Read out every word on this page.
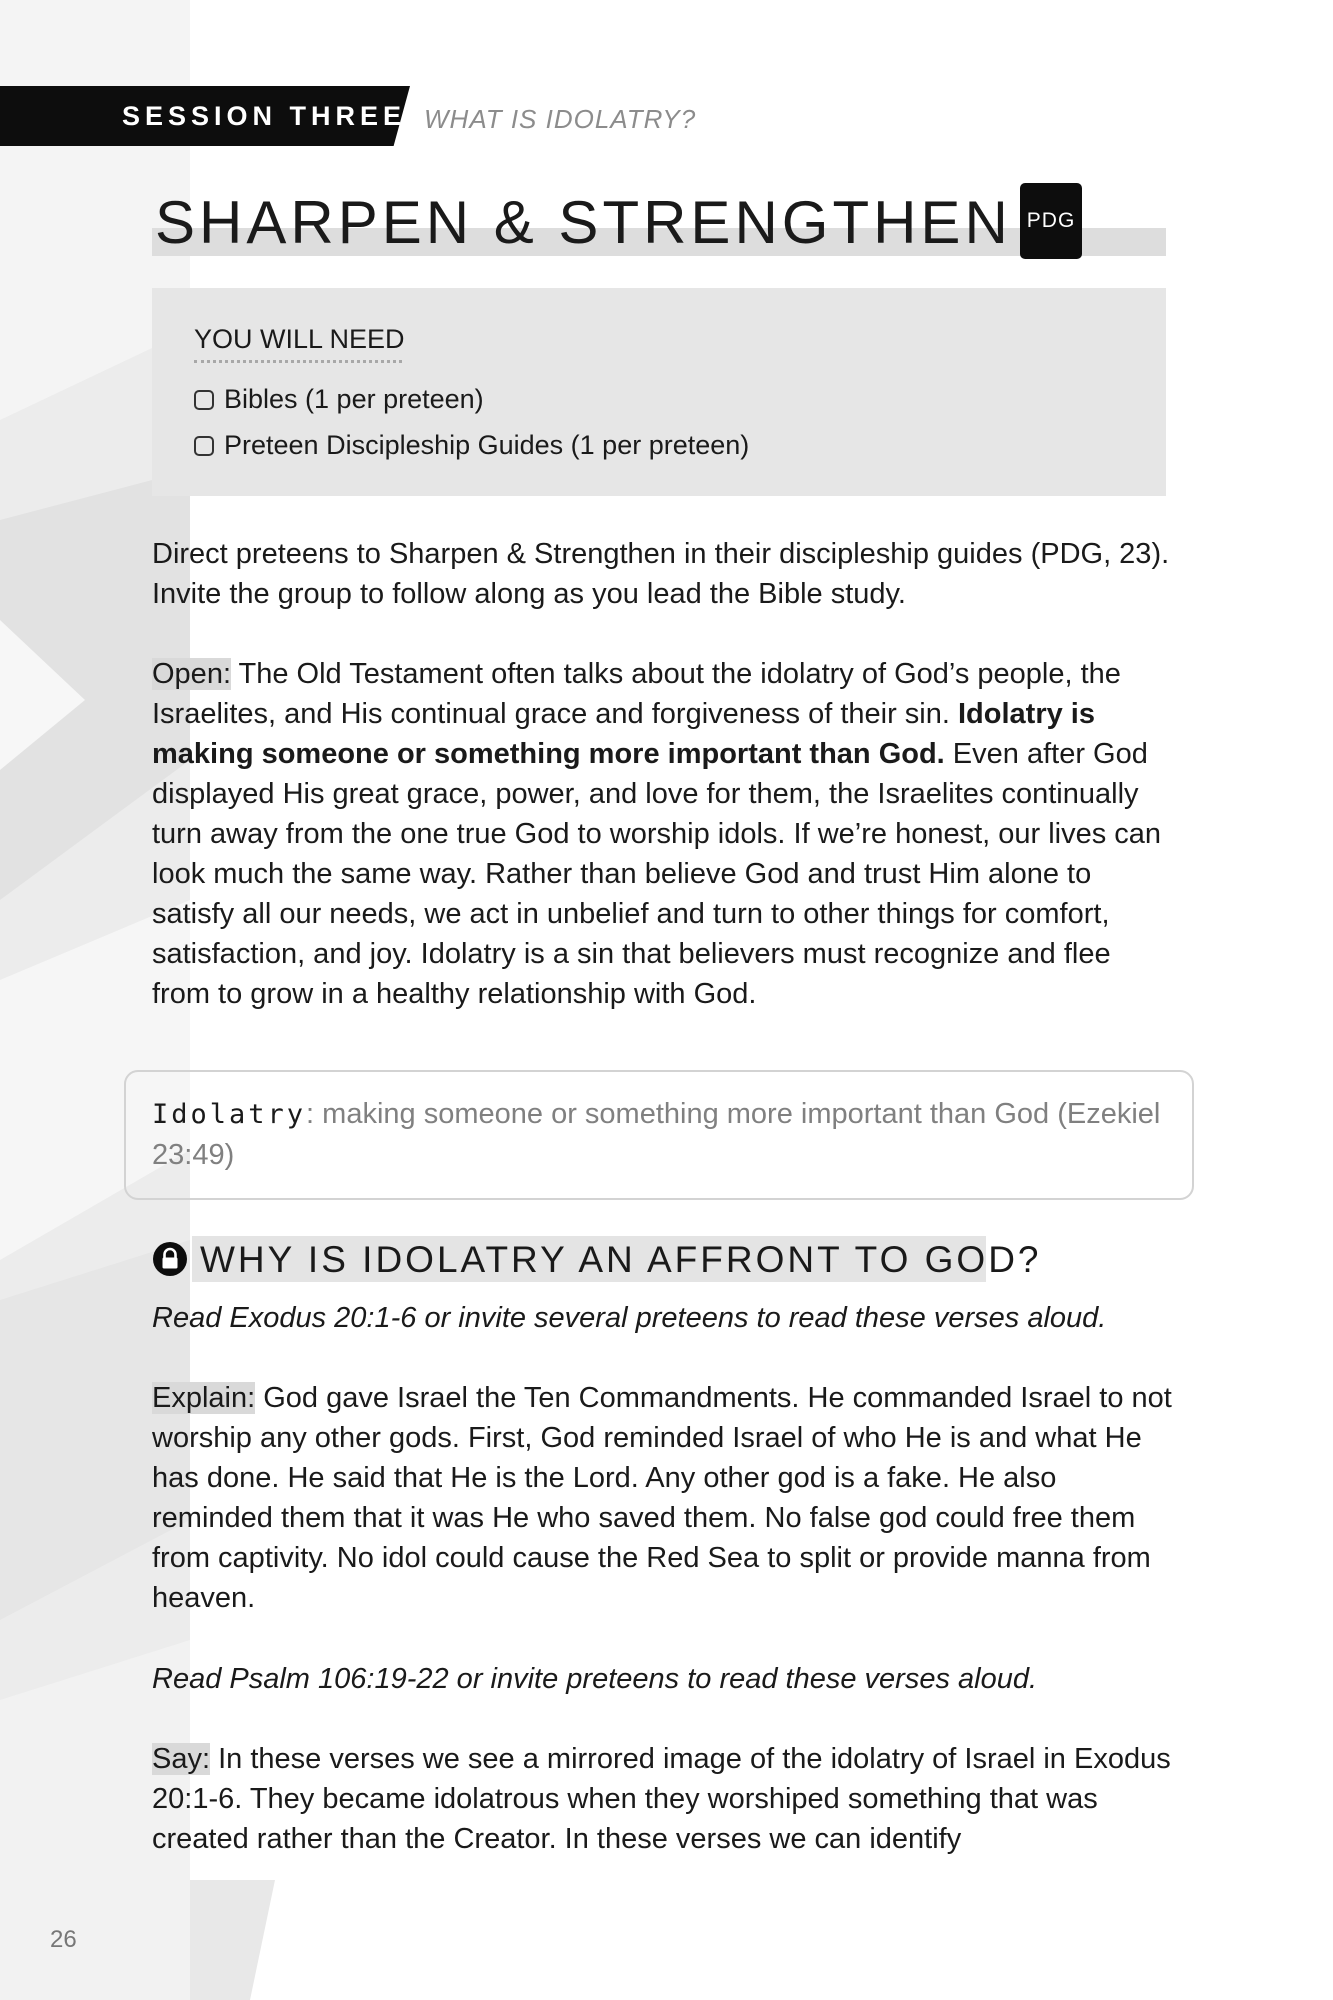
SESSION THREE WHAT IS IDOLATRY?
SHARPEN & STRENGTHEN PDG
YOU WILL NEED
Bibles (1 per preteen)
Preteen Discipleship Guides (1 per preteen)
Direct preteens to Sharpen & Strengthen in their discipleship guides (PDG, 23). Invite the group to follow along as you lead the Bible study.
Open: The Old Testament often talks about the idolatry of God’s people, the Israelites, and His continual grace and forgiveness of their sin. Idolatry is making someone or something more important than God. Even after God displayed His great grace, power, and love for them, the Israelites continually turn away from the one true God to worship idols. If we’re honest, our lives can look much the same way. Rather than believe God and trust Him alone to satisfy all our needs, we act in unbelief and turn to other things for comfort, satisfaction, and joy. Idolatry is a sin that believers must recognize and flee from to grow in a healthy relationship with God.
Idolatry: making someone or something more important than God (Ezekiel 23:49)
WHY IS IDOLATRY AN AFFRONT TO GOD?
Read Exodus 20:1-6 or invite several preteens to read these verses aloud.
Explain: God gave Israel the Ten Commandments. He commanded Israel to not worship any other gods. First, God reminded Israel of who He is and what He has done. He said that He is the Lord. Any other god is a fake. He also reminded them that it was He who saved them. No false god could free them from captivity. No idol could cause the Red Sea to split or provide manna from heaven.
Read Psalm 106:19-22 or invite preteens to read these verses aloud.
Say: In these verses we see a mirrored image of the idolatry of Israel in Exodus 20:1-6. They became idolatrous when they worshiped something that was created rather than the Creator. In these verses we can identify
26
